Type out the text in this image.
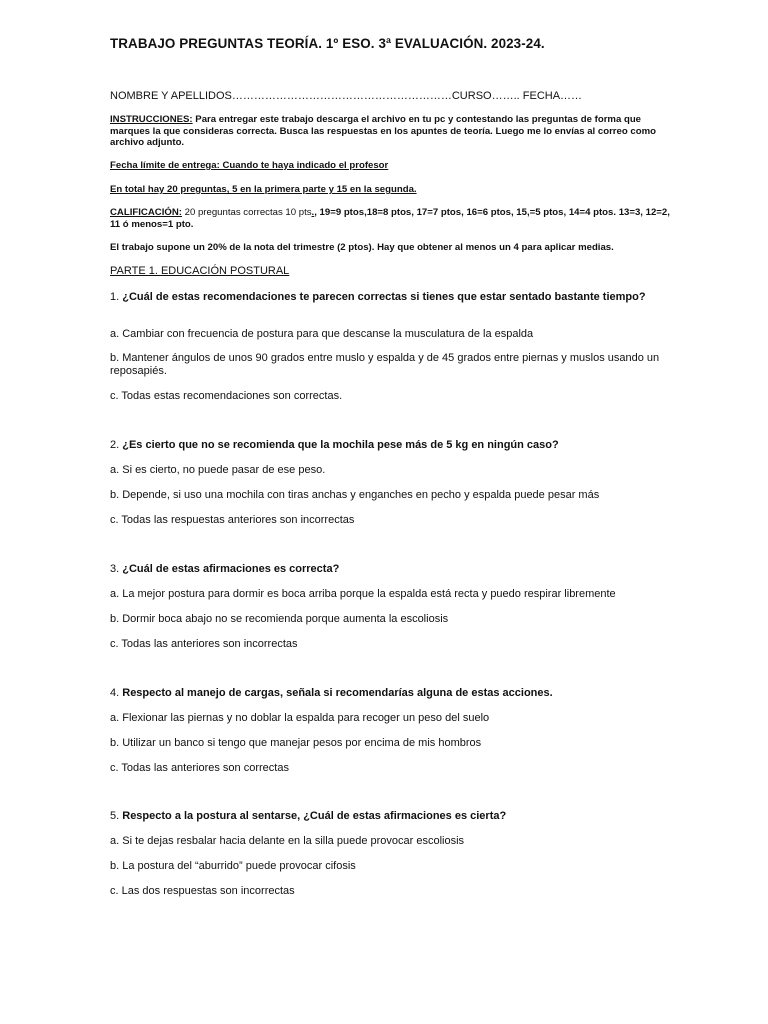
TRABAJO PREGUNTAS TEORÍA. 1º ESO. 3ª EVALUACIÓN. 2023-24.
NOMBRE Y APELLIDOS……………………………………………………CURSO…….. FECHA……
INSTRUCCIONES: Para entregar este trabajo descarga el archivo en tu pc y contestando las preguntas de forma que marques la que consideras correcta. Busca las respuestas en los apuntes de teoría. Luego me lo envías al correo como archivo adjunto.
Fecha límite de entrega: Cuando te haya indicado el profesor
En total hay 20 preguntas, 5 en la primera parte y 15 en la segunda.
CALIFICACIÓN: 20 preguntas correctas 10 pts., 19=9 ptos,18=8 ptos, 17=7 ptos, 16=6 ptos, 15,=5 ptos, 14=4 ptos. 13=3, 12=2, 11 ó menos=1 pto.
El trabajo supone un 20% de la nota del trimestre (2 ptos). Hay que obtener al menos un 4 para aplicar medias.
PARTE 1. EDUCACIÓN POSTURAL
1. ¿Cuál de estas recomendaciones te parecen correctas si tienes que estar sentado bastante tiempo?
a. Cambiar con frecuencia de postura para que descanse la musculatura de la espalda
b. Mantener ángulos de unos 90 grados entre muslo y espalda y de 45 grados entre piernas y muslos usando un reposapiés.
c. Todas estas recomendaciones son correctas.
2. ¿Es cierto que no se recomienda que la mochila pese más de 5 kg en ningún caso?
a. Si es cierto, no puede pasar de ese peso.
b. Depende, si uso una mochila con tiras anchas y enganches en pecho y espalda puede pesar más
c. Todas las respuestas anteriores son incorrectas
3. ¿Cuál de estas afirmaciones es correcta?
a. La mejor postura para dormir es boca arriba porque la espalda está recta y puedo respirar libremente
b. Dormir boca abajo no se recomienda porque aumenta la escoliosis
c. Todas las anteriores son incorrectas
4. Respecto al manejo de cargas, señala si recomendarías alguna de estas acciones.
a. Flexionar las piernas y no doblar la espalda para recoger un peso del suelo
b. Utilizar un banco si tengo que manejar pesos por encima de mis hombros
c. Todas las anteriores son correctas
5. Respecto a la postura al sentarse, ¿Cuál de estas afirmaciones es cierta?
a. Si te dejas resbalar hacia delante en la silla puede provocar escoliosis
b. La postura del “aburrido” puede provocar cifosis
c. Las dos respuestas son incorrectas
